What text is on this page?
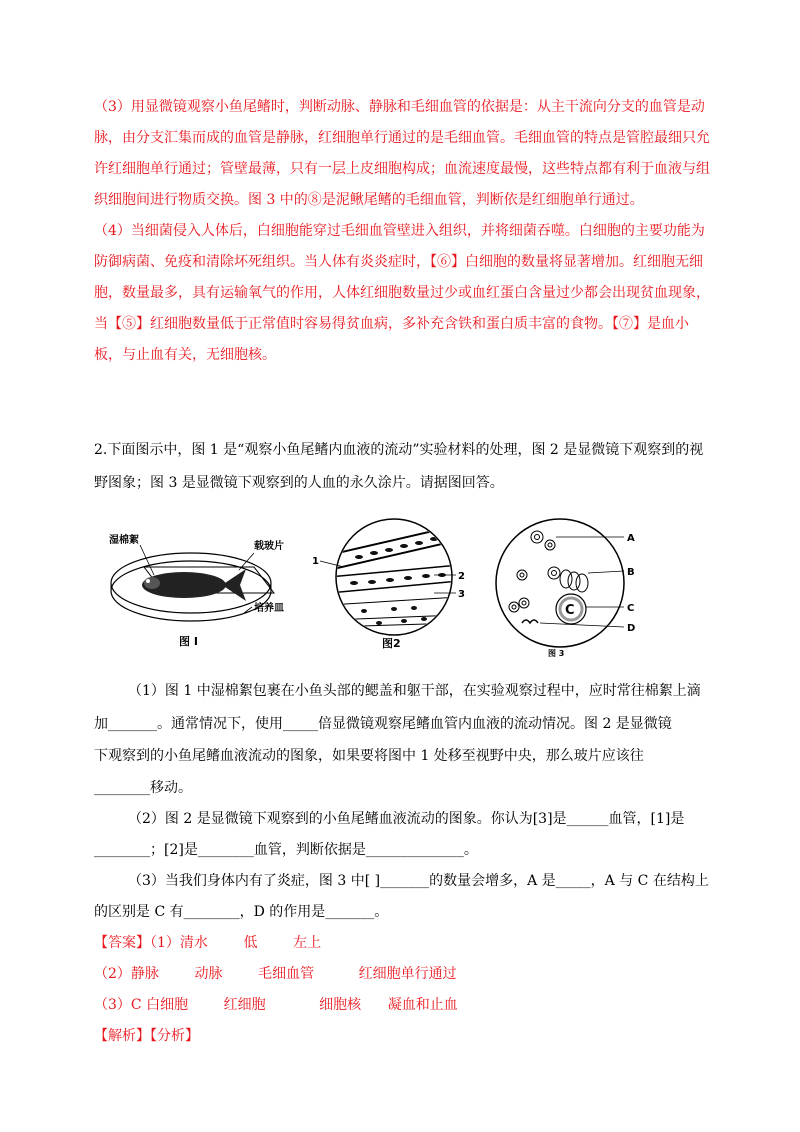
（3）用显微镜观察小鱼尾鳍时，判断动脉、静脉和毛细血管的依据是：从主干流向分支的血管是动脉，由分支汇集而成的血管是静脉，红细胞单行通过的是毛细血管。毛细血管的特点是管腔最细只允许红细胞单行通过；管壁最薄，只有一层上皮细胞构成；血流速度最慢，这些特点都有利于血液与组织细胞间进行物质交换。图 3 中的⑧是泥鳅尾鳍的毛细血管，判断依是红细胞单行通过。
（4）当细菌侵入人体后，白细胞能穿过毛细血管壁进入组织，并将细菌吞噬。白细胞的主要功能为防御病菌、免疫和清除坏死组织。当人体有炎炎症时，【⑥】白细胞的数量将显著增加。红细胞无细胞，数量最多，具有运输氧气的作用，人体红细胞数量过少或血红蛋白含量过少都会出现贫血现象，当【⑤】红细胞数量低于正常值时容易得贫血病，多补充含铁和蛋白质丰富的食物。【⑦】是血小板，与止血有关，无细胞核。
2.下面图示中，图 1 是“观察小鱼尾鳍内血液的流动”实验材料的处理，图 2 是显微镜下观察到的视野图象；图 3 是显微镜下观察到的人血的永久涂片。请据图回答。
湿棉絮
载玻片
培养皿
图 I
1
2
3
图2
C
A
B
C
D
图 3
（1）图 1 中湿棉絮包裹在小鱼头部的鳃盖和躯干部，在实验观察过程中，应时常往棉絮上滴
加_______。通常情况下，使用_____倍显微镜观察尾鳍血管内血液的流动情况。图 2 是显微镜
下观察到的小鱼尾鳍血液流动的图象，如果要将图中 1 处移至视野中央，那么玻片应该往
________移动。
（2）图 2 是显微镜下观察到的小鱼尾鳍血液流动的图象。你认为[3]是______血管，[1]是
________；[2]是________血管，判断依据是______________。
（3）当我们身体内有了炎症，图 3 中[ ]_______的数量会增多，A 是_____，A 与 C 在结构上
的区别是 C 有________，D 的作用是_______。
【答案】（1）清水        低        左上
（2）静脉        动脉        毛细血管          红细胞单行通过
（3）C 白细胞        红细胞            细胞核      凝血和止血
【解析】【分析】
